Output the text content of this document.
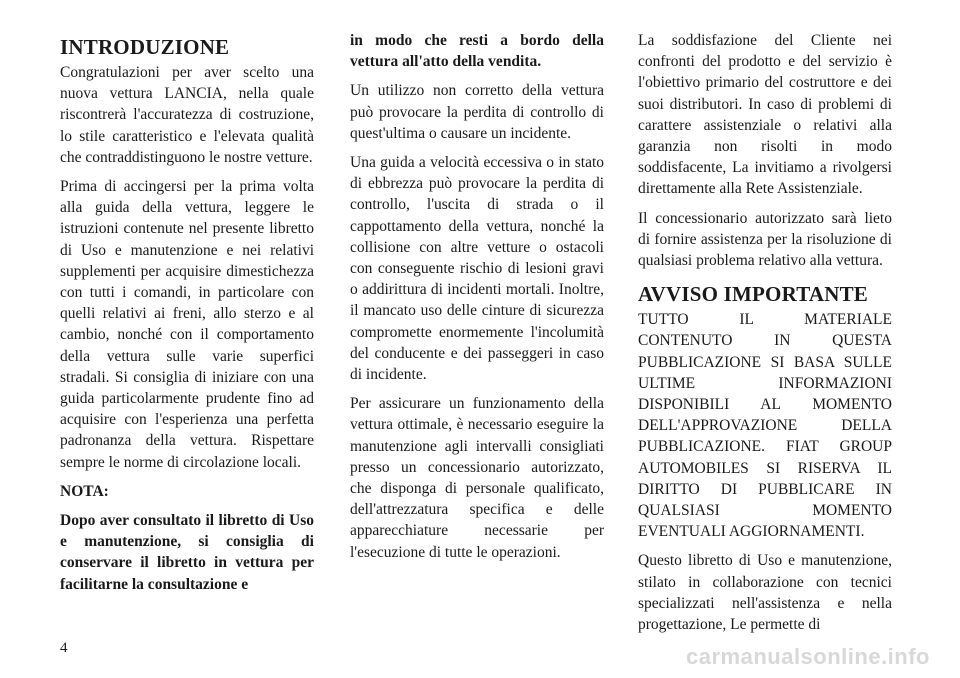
INTRODUZIONE

Congratulazioni per aver scelto una nuova vettura LANCIA, nella quale riscontrerà l'accuratezza di costruzione, lo stile caratteristico e l'elevata qualità che contraddistinguono le nostre vetture.

Prima di accingersi per la prima volta alla guida della vettura, leggere le istruzioni contenute nel presente libretto di Uso e manutenzione e nei relativi supplementi per acquisire dimestichezza con tutti i comandi, in particolare con quelli relativi ai freni, allo sterzo e al cambio, nonché con il comportamento della vettura sulle varie superfici stradali. Si consiglia di iniziare con una guida particolarmente prudente fino ad acquisire con l'esperienza una perfetta padronanza della vettura. Rispettare sempre le norme di circolazione locali.

NOTA:

Dopo aver consultato il libretto di Uso e manutenzione, si consiglia di conservare il libretto in vettura per facilitarne la consultazione e

in modo che resti a bordo della vettura all'atto della vendita.

Un utilizzo non corretto della vettura può provocare la perdita di controllo di quest'ultima o causare un incidente.

Una guida a velocità eccessiva o in stato di ebbrezza può provocare la perdita di controllo, l'uscita di strada o il cappottamento della vettura, nonché la collisione con altre vetture o ostacoli con conseguente rischio di lesioni gravi o addirittura di incidenti mortali. Inoltre, il mancato uso delle cinture di sicurezza compromette enormemente l'incolumità del conducente e dei passeggeri in caso di incidente.

Per assicurare un funzionamento della vettura ottimale, è necessario eseguire la manutenzione agli intervalli consigliati presso un concessionario autorizzato, che disponga di personale qualificato, dell'attrezzatura specifica e delle apparecchiature necessarie per l'esecuzione di tutte le operazioni.

La soddisfazione del Cliente nei confronti del prodotto e del servizio è l'obiettivo primario del costruttore e dei suoi distributori. In caso di problemi di carattere assistenziale o relativi alla garanzia non risolti in modo soddisfacente, La invitiamo a rivolgersi direttamente alla Rete Assistenziale.

Il concessionario autorizzato sarà lieto di fornire assistenza per la risoluzione di qualsiasi problema relativo alla vettura.

AVVISO IMPORTANTE

TUTTO IL MATERIALE CONTENUTO IN QUESTA PUBBLICAZIONE SI BASA SULLE ULTIME INFORMAZIONI DISPONIBILI AL MOMENTO DELL'APPROVAZIONE DELLA PUBBLICAZIONE. FIAT GROUP AUTOMOBILES SI RISERVA IL DIRITTO DI PUBBLICARE IN QUALSIASI MOMENTO EVENTUALI AGGIORNAMENTI.

Questo libretto di Uso e manutenzione, stilato in collaborazione con tecnici specializzati nell'assistenza e nella progettazione, Le permette di

4	carmanualsonline.info
